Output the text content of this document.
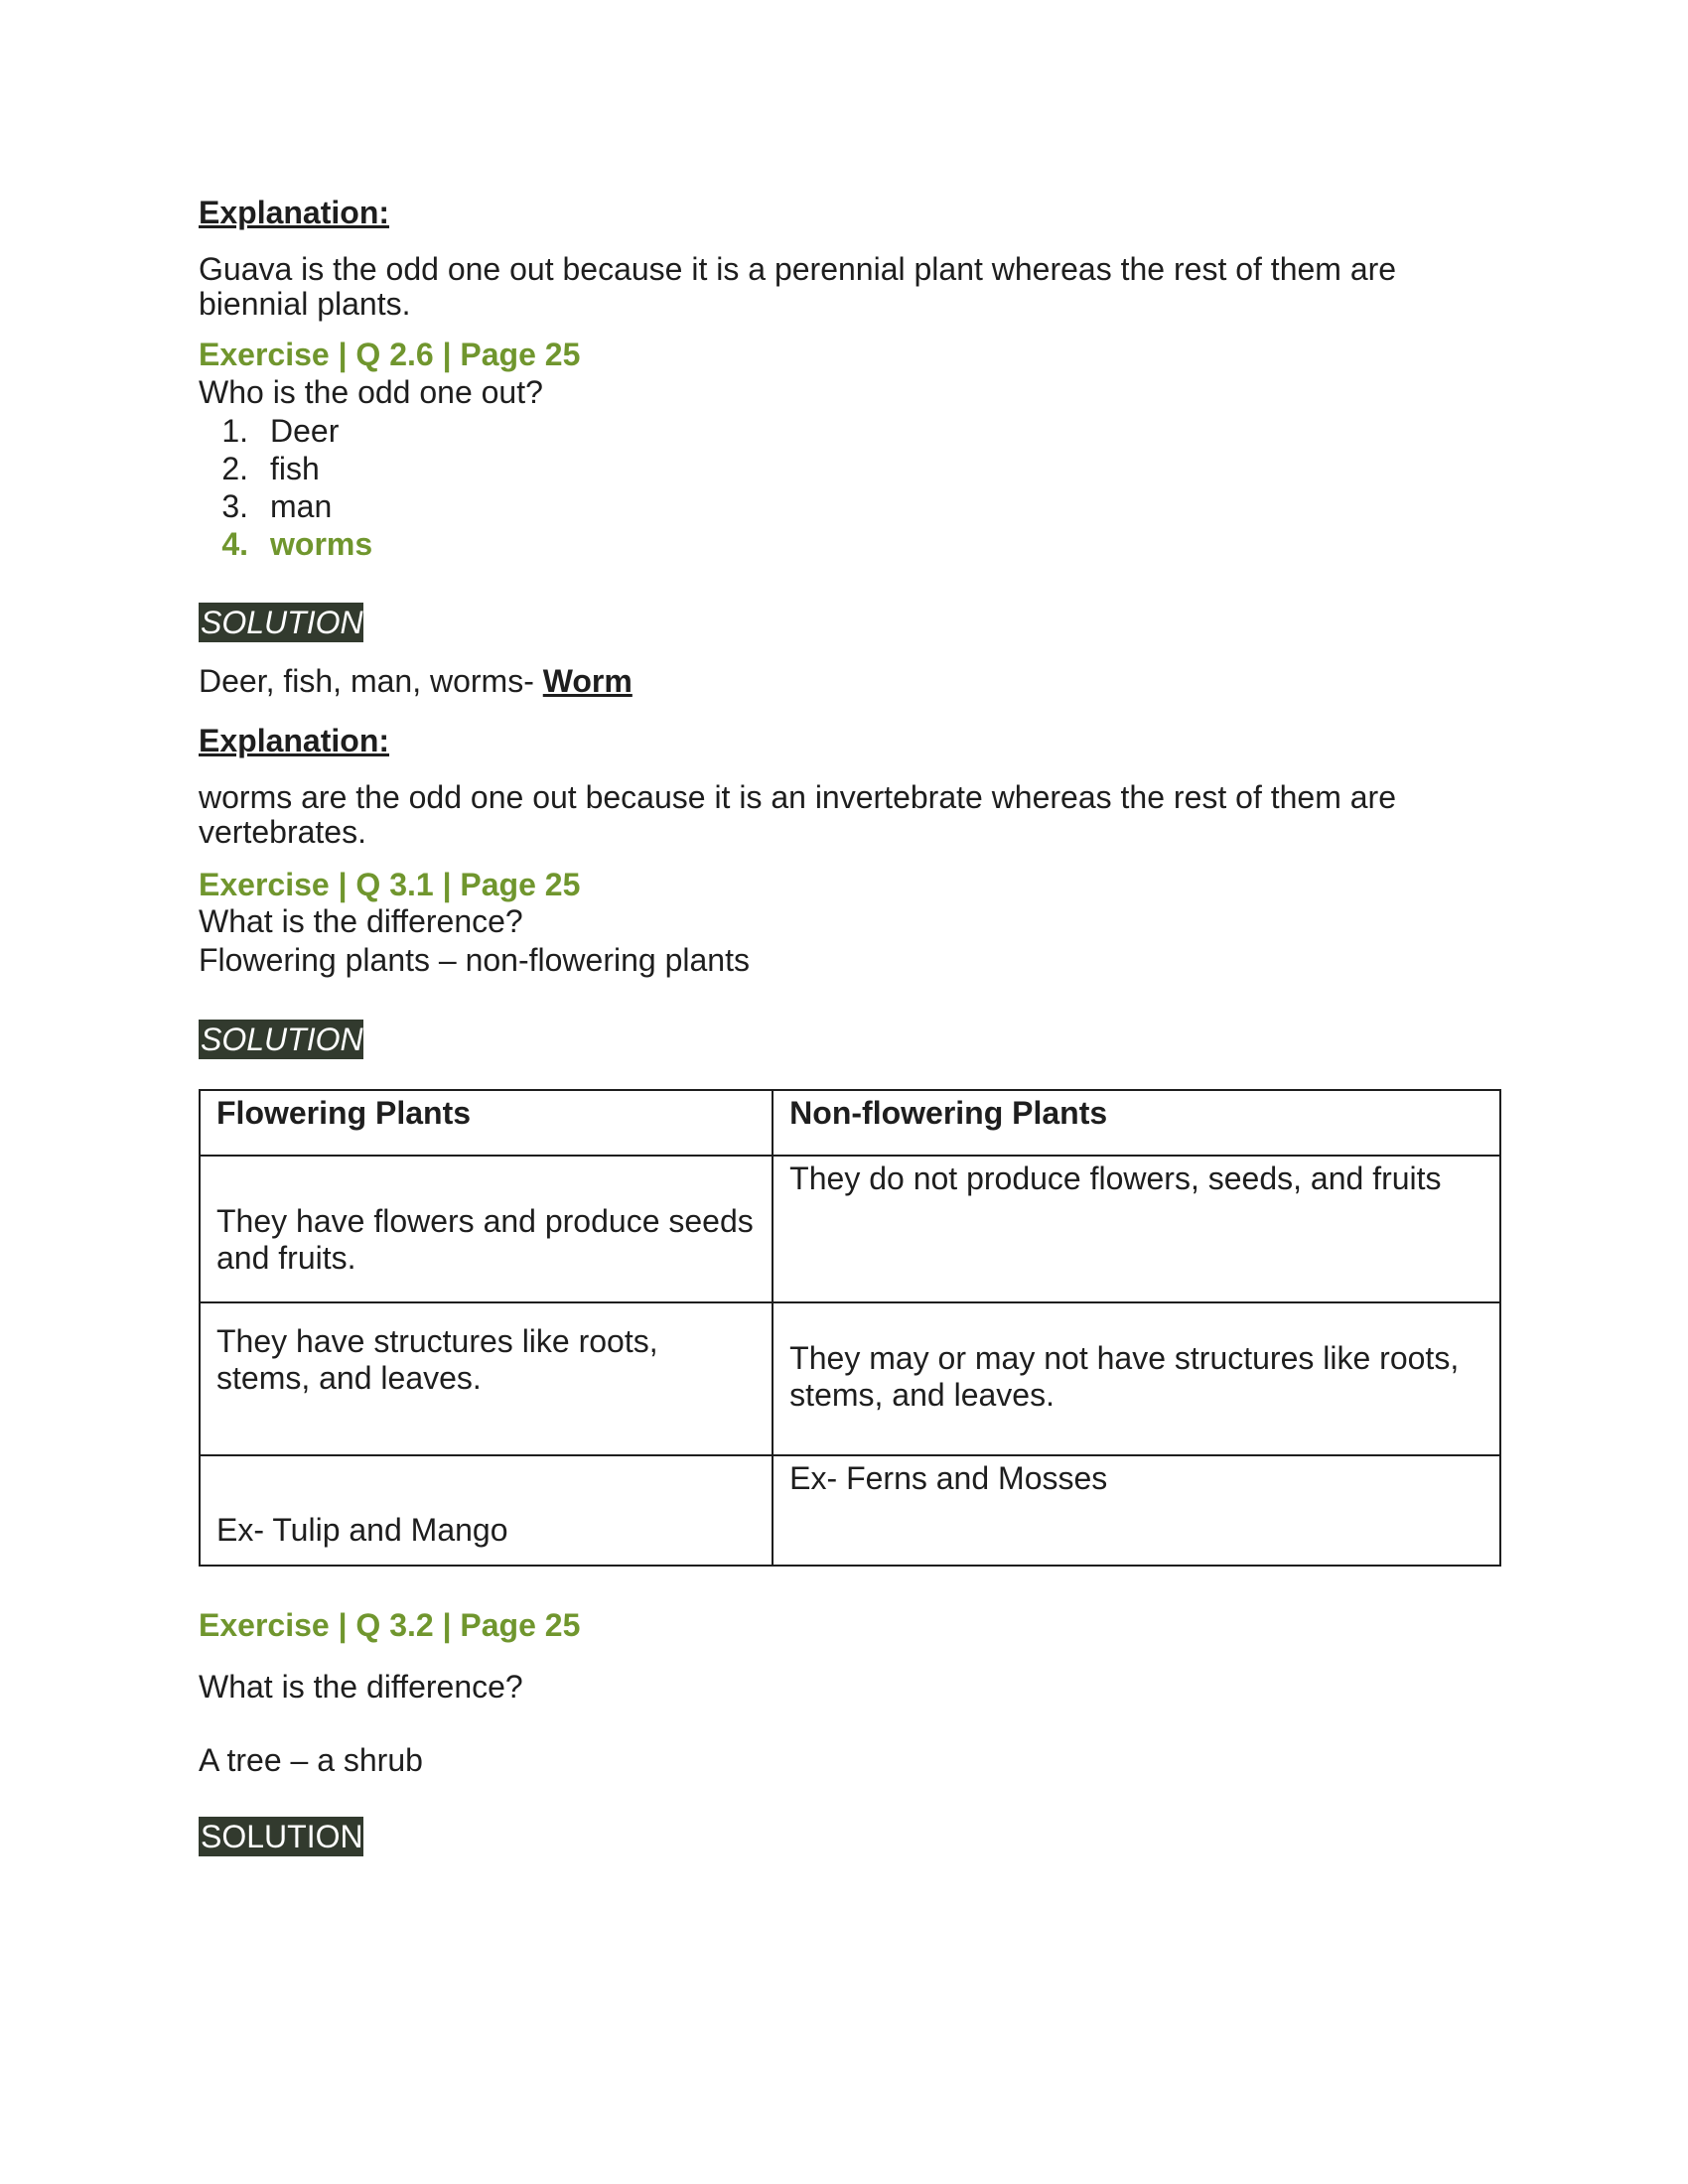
Explanation:

Guava is the odd one out because it is a perennial plant whereas the rest of them are

biennial plants.

Exercise | Q 2.6 | Page 25

Who is the odd one out?

1. Deer
2. fish
3. man
4. worms
SOLUTION

Deer, fish, man, worms- Worm

Explanation:

worms are the odd one out because it is an invertebrate whereas the rest of them are

vertebrates.

Exercise | Q 3.1 | Page 25

What is the difference?

Flowering plants – non-flowering plants

SOLUTION
Flowering Plants	Non-flowering Plants
They have flowers and produce seeds and fruits.	They do not produce flowers, seeds, and fruits
They have structures like roots, stems, and leaves.	They may or may not have structures like roots, stems, and leaves.
Ex- Tulip and Mango	Ex- Ferns and Mosses

Exercise | Q 3.2 | Page 25

What is the difference?

A tree – a shrub

SOLUTION
